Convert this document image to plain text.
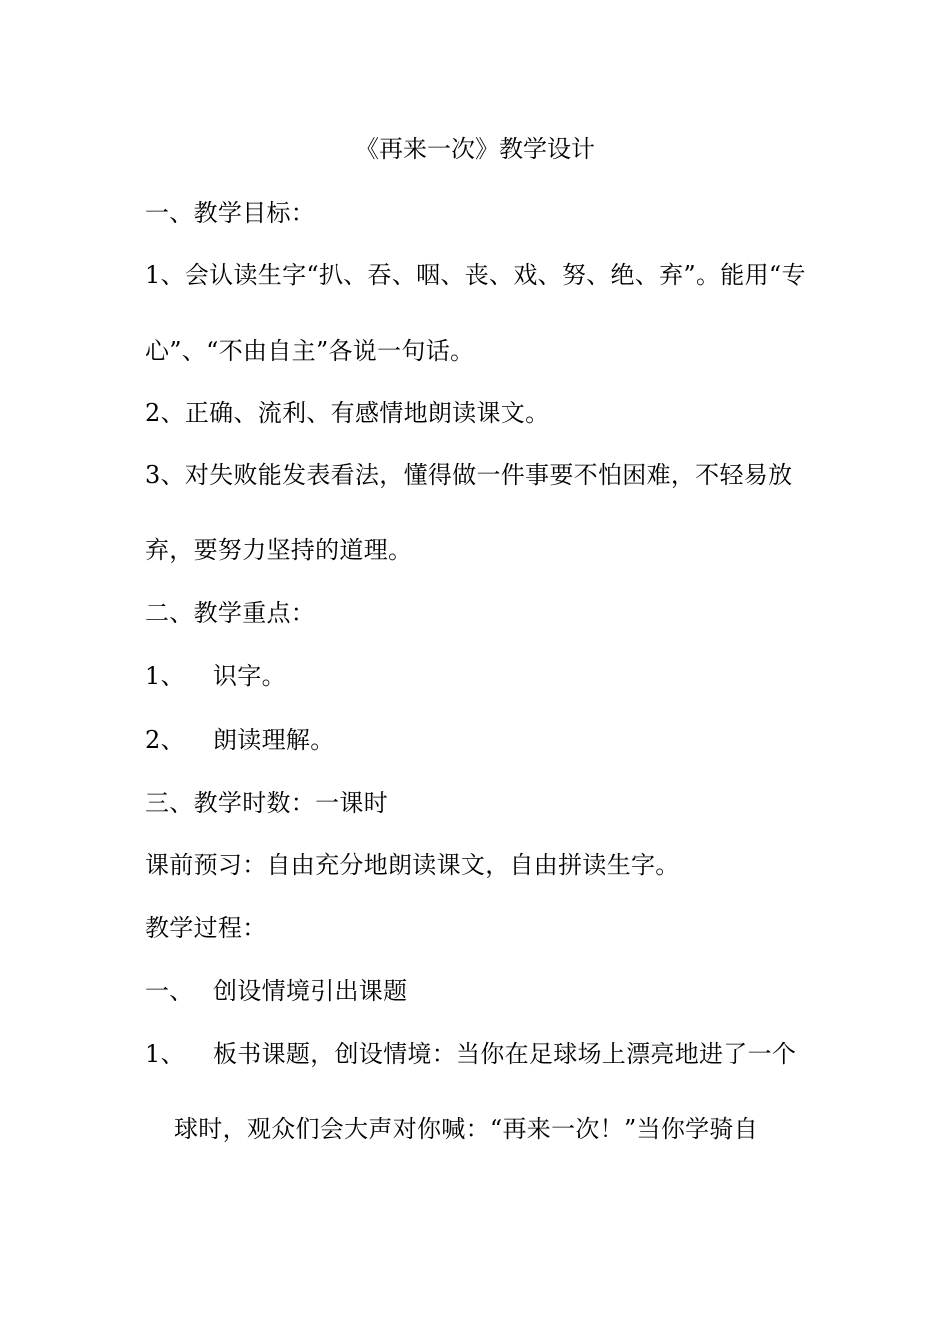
《再来一次》教学设计
一、教学目标：
1、会认读生字“扒、吞、咽、丧、戏、努、绝、弃”。能用“专
心”、“不由自主”各说一句话。
2、正确、流利、有感情地朗读课文。
3、对失败能发表看法，懂得做一件事要不怕困难，不轻易放
弃，要努力坚持的道理。
二、教学重点：
1、 识字。
2、 朗读理解。
三、教学时数：一课时
课前预习：自由充分地朗读课文，自由拼读生字。
教学过程：
一、 创设情境引出课题
1、 板书课题，创设情境：当你在足球场上漂亮地进了一个
球时，观众们会大声对你喊：“再来一次！”当你学骑自
